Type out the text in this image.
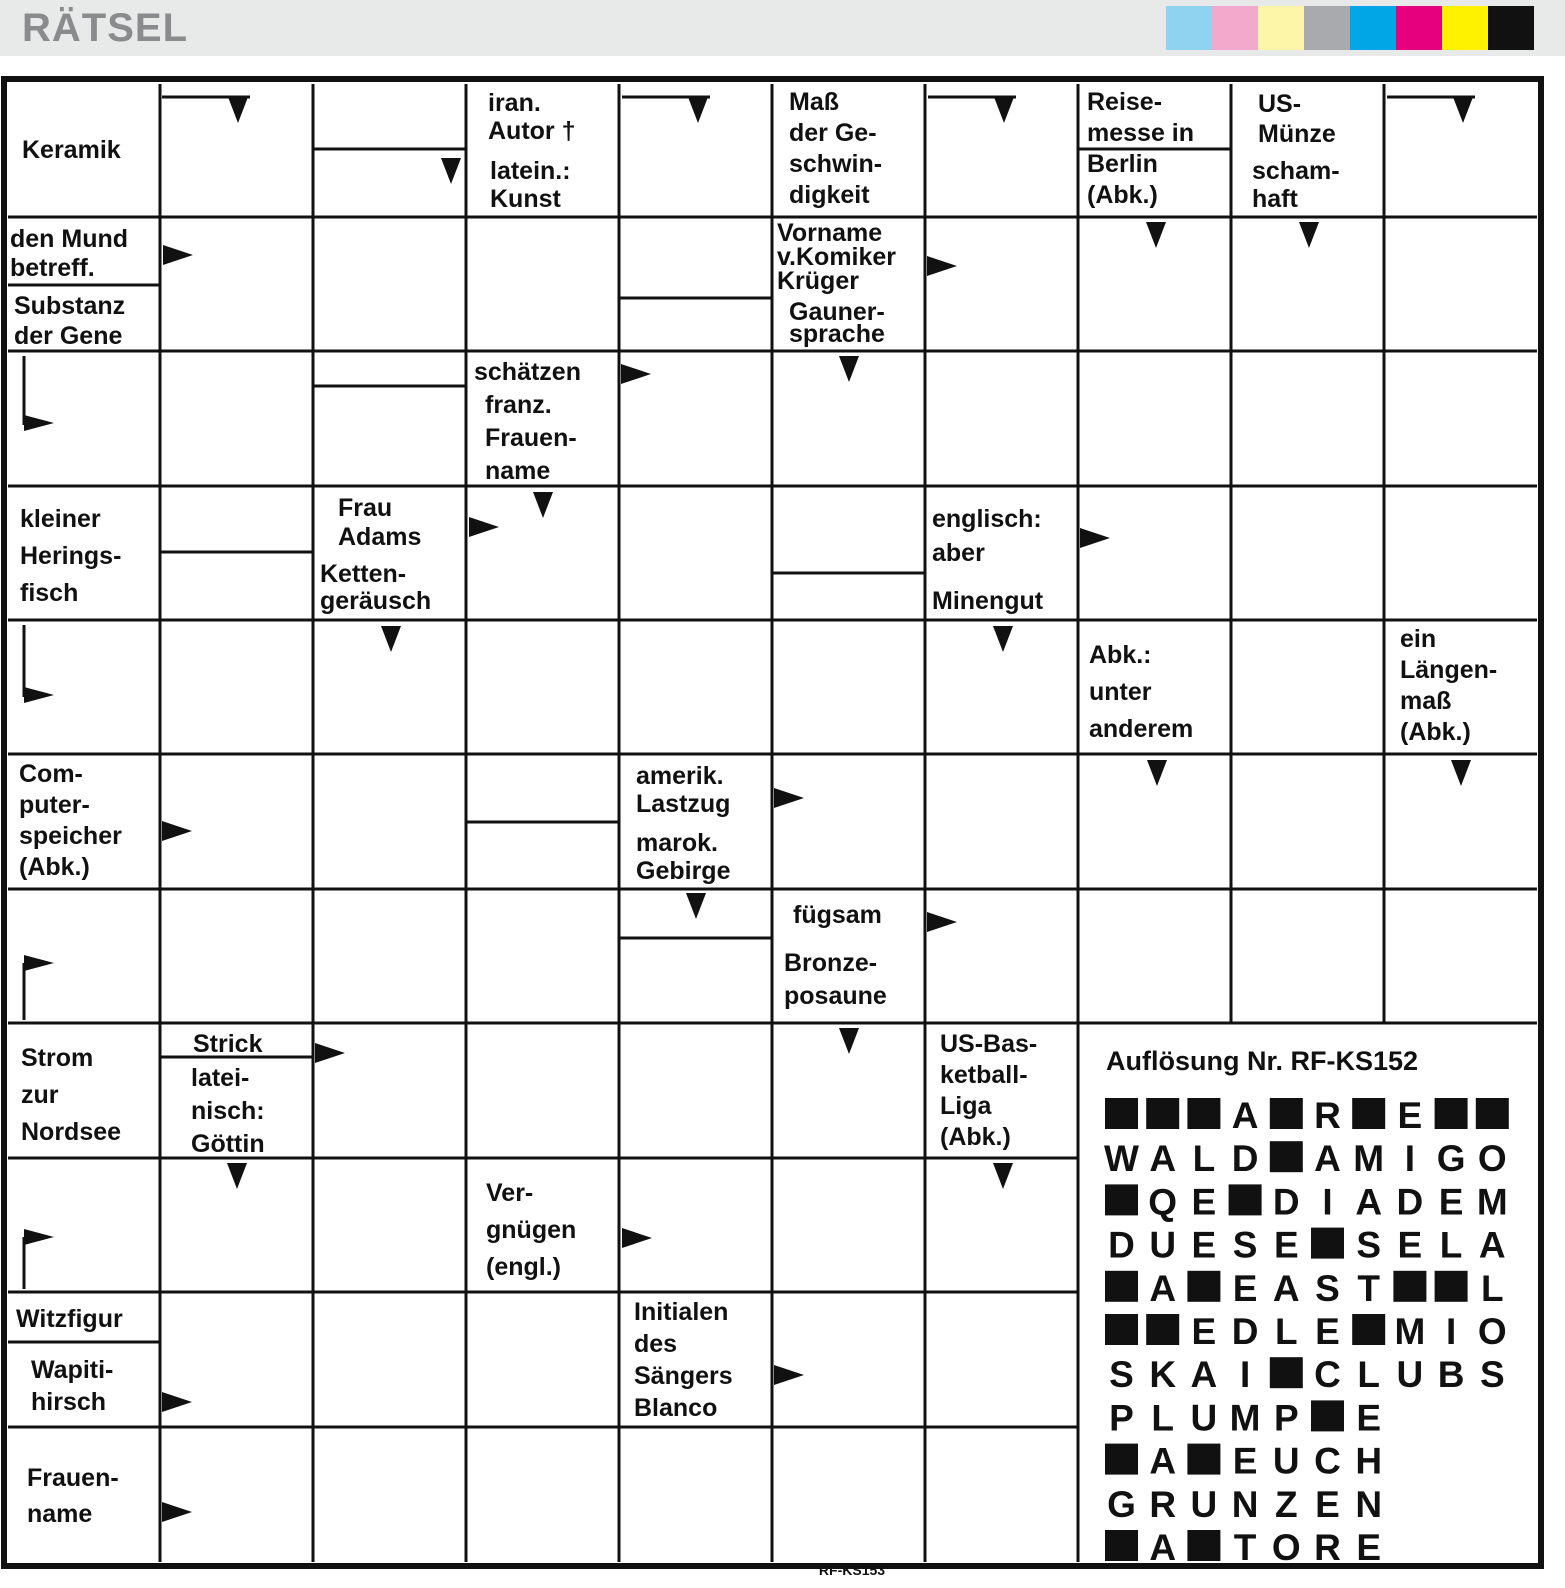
RÄTSEL
Keramik
iran. Autor †
latein.: Kunst
Maß der Ge-schwin-digkeit
Reise-messe in Berlin (Abk.)
US-Münze
scham-haft
den Mund betreff.
Substanz der Gene
Vorname v.Komiker Krüger
Gauner-sprache
schätzen
franz. Frauen-name
kleiner Herings-fisch
Frau Adams
Ketten-geräusch
englisch: aber
Minengut
Abk.: unter anderem
ein Längen-maß (Abk.)
Com-puter-speicher (Abk.)
amerik. Lastzug
marok. Gebirge
fügsam
Bronze-posaune
Strom zur Nordsee
Strick
latei-nisch: Göttin
US-Bas-ketball-Liga (Abk.)
Ver-gnügen (engl.)
Witzfigur
Wapiti-hirsch
Initialen des Sängers Blanco
Frauen-name
Auflösung Nr. RF-KS152
A R E
W A L D A M I G O
Q E D I A D E M
D U E S E S E L A
A E A S T	L
E D L E M I O
S K A I C L U B S
P L U M P E
A E U C H
G R U N Z E N
A T O R E
RF-KS153
